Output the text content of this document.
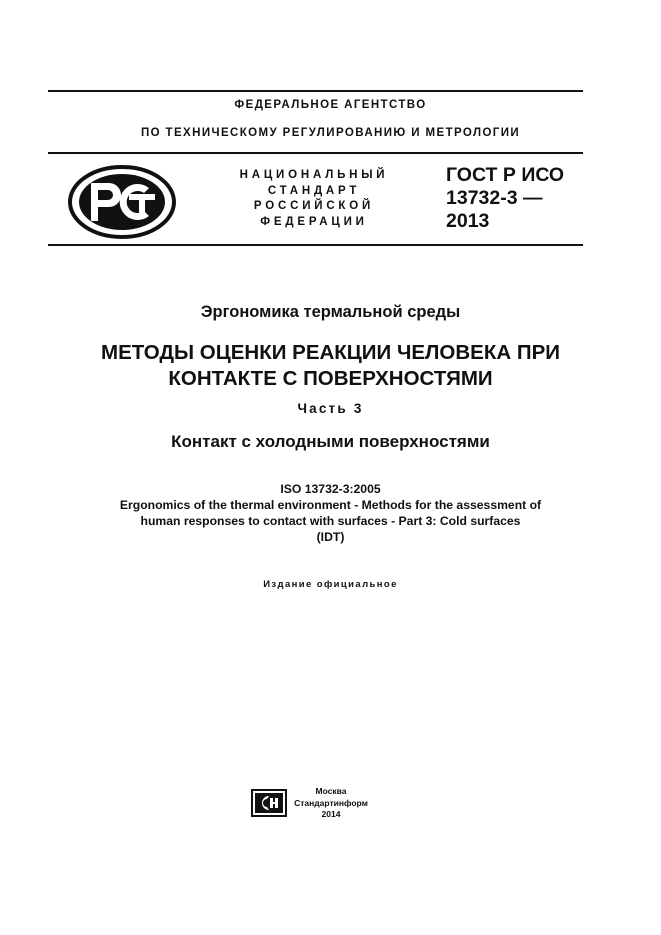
ФЕДЕРАЛЬНОЕ АГЕНТСТВО
ПО ТЕХНИЧЕСКОМУ РЕГУЛИРОВАНИЮ И МЕТРОЛОГИИ
НАЦИОНАЛЬНЫЙ
СТАНДАРТ
РОССИЙСКОЙ
ФЕДЕРАЦИИ
ГОСТ Р ИСО
13732-3 —
2013
Эргономика термальной среды
МЕТОДЫ ОЦЕНКИ РЕАКЦИИ ЧЕЛОВЕКА ПРИ
КОНТАКТЕ С ПОВЕРХНОСТЯМИ
Часть 3
Контакт с холодными поверхностями
ISO 13732-3:2005
Ergonomics of the thermal environment - Methods for the assessment of
human responses to contact with surfaces - Part 3: Cold surfaces
(IDT)
Издание официальное
Москва
Стандартинформ
2014
